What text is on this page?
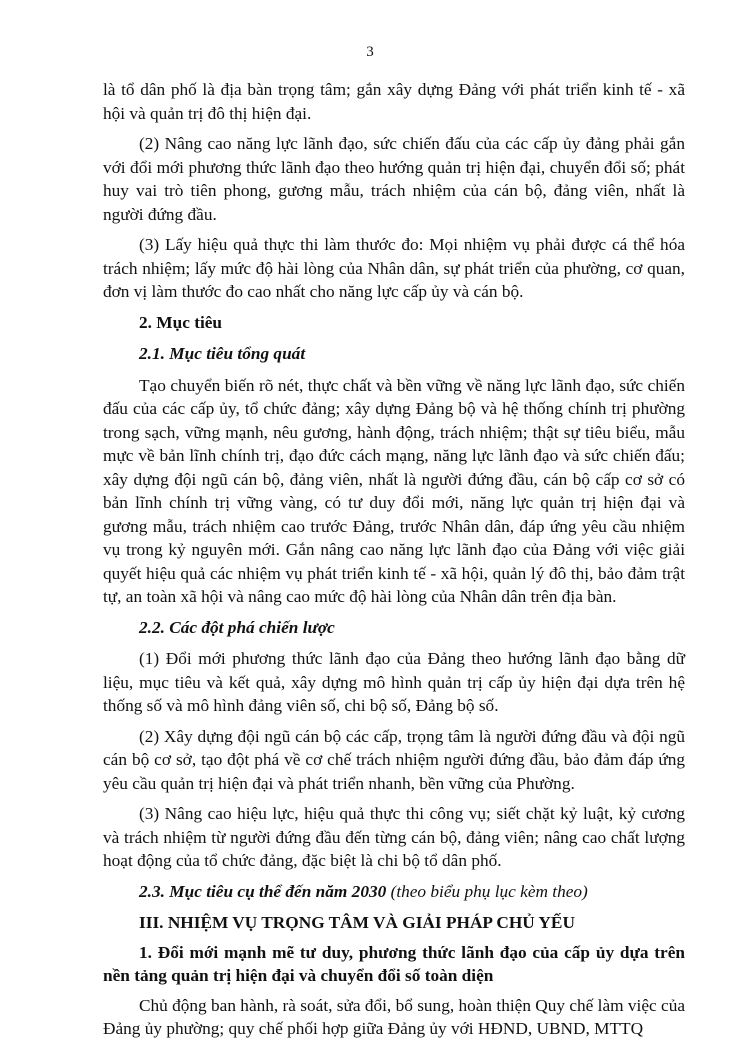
3

là tổ dân phố là địa bàn trọng tâm; gắn xây dựng Đảng với phát triển kinh tế - xã hội và quản trị đô thị hiện đại.

(2) Nâng cao năng lực lãnh đạo, sức chiến đấu của các cấp ủy đảng phải gắn với đổi mới phương thức lãnh đạo theo hướng quản trị hiện đại, chuyển đổi số; phát huy vai trò tiên phong, gương mẫu, trách nhiệm của cán bộ, đảng viên, nhất là người đứng đầu.

(3) Lấy hiệu quả thực thi làm thước đo: Mọi nhiệm vụ phải được cá thể hóa trách nhiệm; lấy mức độ hài lòng của Nhân dân, sự phát triển của phường, cơ quan, đơn vị làm thước đo cao nhất cho năng lực cấp ủy và cán bộ.

2. Mục tiêu

2.1. Mục tiêu tổng quát

Tạo chuyển biến rõ nét, thực chất và bền vững về năng lực lãnh đạo, sức chiến đấu của các cấp ủy, tổ chức đảng; xây dựng Đảng bộ và hệ thống chính trị phường trong sạch, vững mạnh, nêu gương, hành động, trách nhiệm; thật sự tiêu biểu, mẫu mực về bản lĩnh chính trị, đạo đức cách mạng, năng lực lãnh đạo và sức chiến đấu; xây dựng đội ngũ cán bộ, đảng viên, nhất là người đứng đầu, cán bộ cấp cơ sở có bản lĩnh chính trị vững vàng, có tư duy đổi mới, năng lực quản trị hiện đại và gương mẫu, trách nhiệm cao trước Đảng, trước Nhân dân, đáp ứng yêu cầu nhiệm vụ trong kỷ nguyên mới. Gắn nâng cao năng lực lãnh đạo của Đảng với việc giải quyết hiệu quả các nhiệm vụ phát triển kinh tế - xã hội, quản lý đô thị, bảo đảm trật tự, an toàn xã hội và nâng cao mức độ hài lòng của Nhân dân trên địa bàn.

2.2. Các đột phá chiến lược

(1) Đổi mới phương thức lãnh đạo của Đảng theo hướng lãnh đạo bằng dữ liệu, mục tiêu và kết quả, xây dựng mô hình quản trị cấp ủy hiện đại dựa trên hệ thống số và mô hình đảng viên số, chi bộ số, Đảng bộ số.

(2) Xây dựng đội ngũ cán bộ các cấp, trọng tâm là người đứng đầu và đội ngũ cán bộ cơ sở, tạo đột phá về cơ chế trách nhiệm người đứng đầu, bảo đảm đáp ứng yêu cầu quản trị hiện đại và phát triển nhanh, bền vững của Phường.

(3) Nâng cao hiệu lực, hiệu quả thực thi công vụ; siết chặt kỷ luật, kỷ cương và trách nhiệm từ người đứng đầu đến từng cán bộ, đảng viên; nâng cao chất lượng hoạt động của tổ chức đảng, đặc biệt là chi bộ tổ dân phố.

2.3. Mục tiêu cụ thể đến năm 2030 (theo biểu phụ lục kèm theo)

III. NHIỆM VỤ TRỌNG TÂM VÀ GIẢI PHÁP CHỦ YẾU

1. Đổi mới mạnh mẽ tư duy, phương thức lãnh đạo của cấp ủy dựa trên nền tảng quản trị hiện đại và chuyển đổi số toàn diện

Chủ động ban hành, rà soát, sửa đổi, bổ sung, hoàn thiện Quy chế làm việc của Đảng ủy phường; quy chế phối hợp giữa Đảng ủy với HĐND, UBND, MTTQ
